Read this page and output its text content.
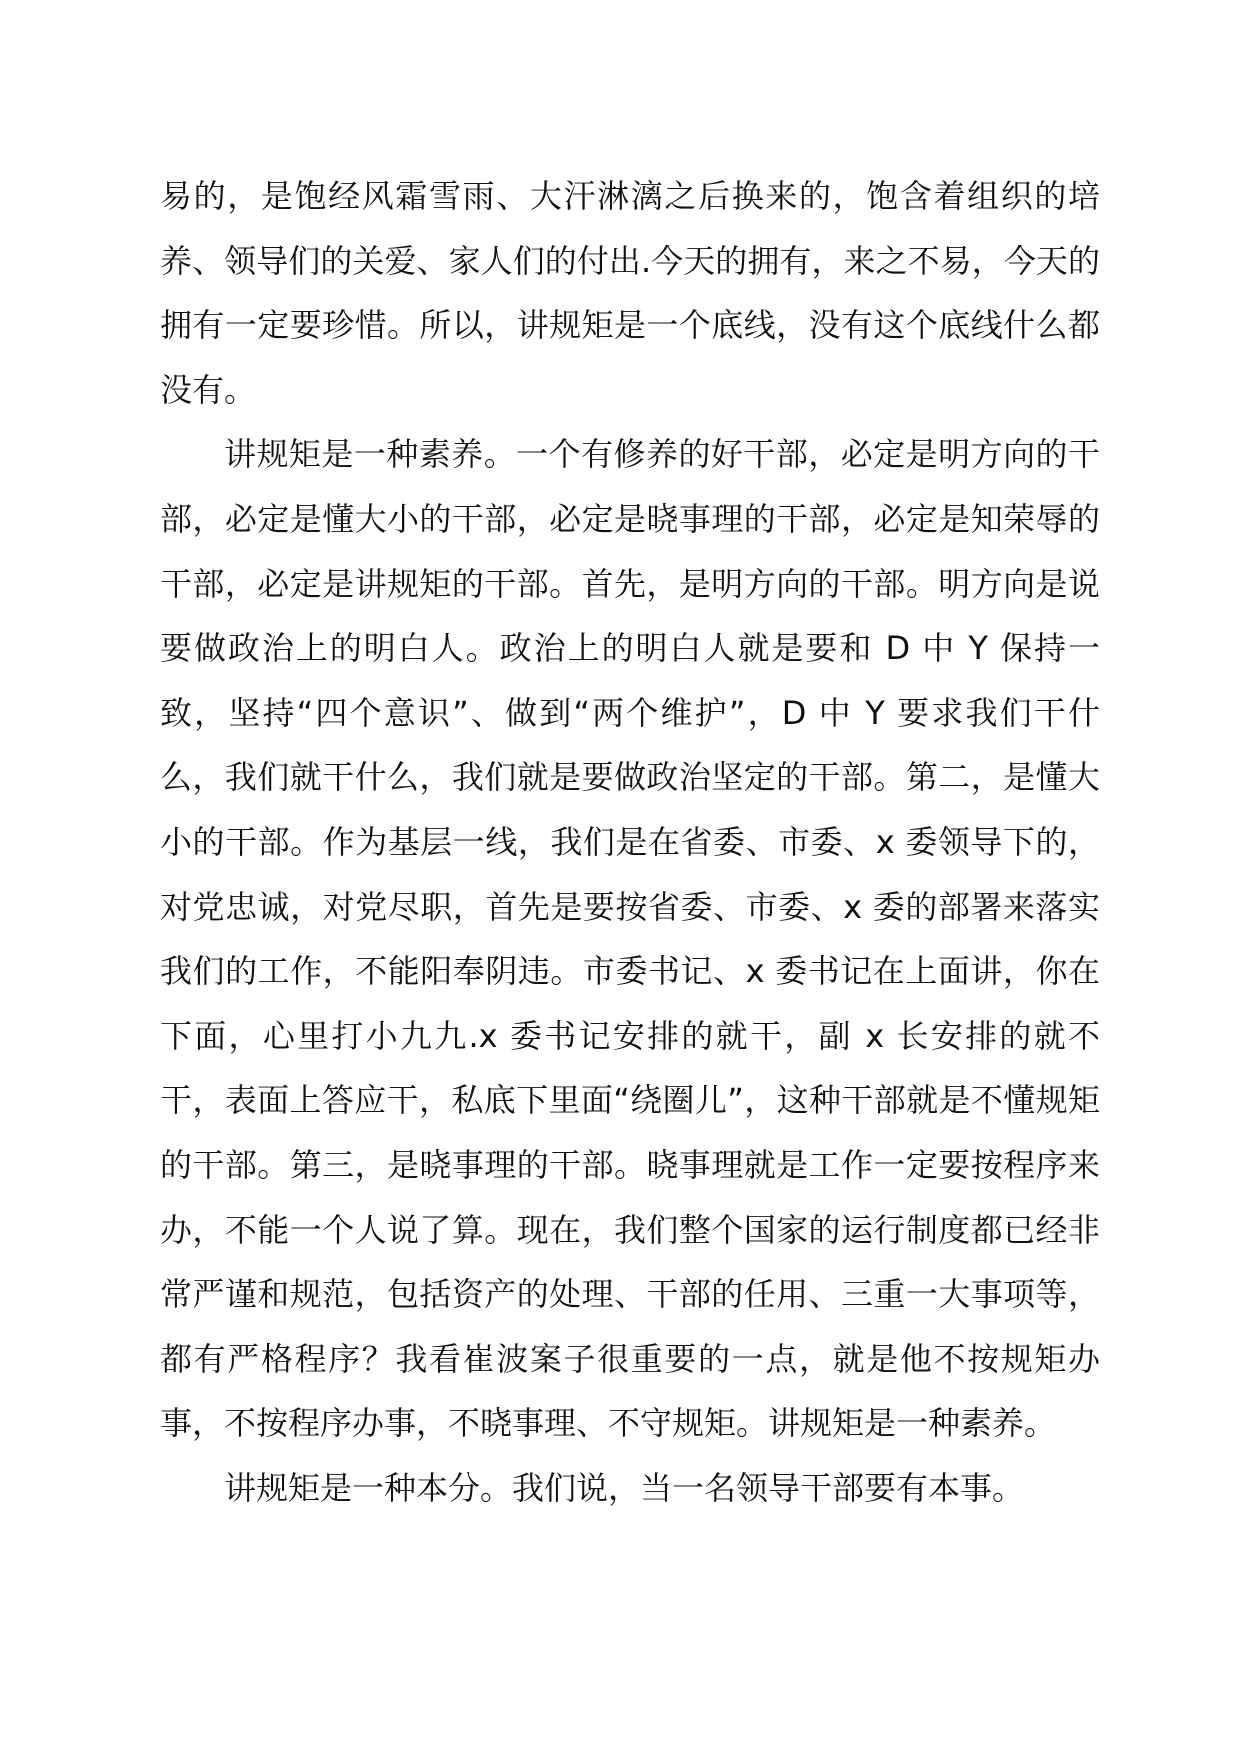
易的，是饱经风霜雪雨、大汗淋漓之后换来的，饱含着组织的培养、领导们的关爱、家人们的付出.今天的拥有，来之不易，今天的拥有一定要珍惜。所以，讲规矩是一个底线，没有这个底线什么都没有。

讲规矩是一种素养。一个有修养的好干部，必定是明方向的干部，必定是懂大小的干部，必定是晓事理的干部，必定是知荣辱的干部，必定是讲规矩的干部。首先，是明方向的干部。明方向是说要做政治上的明白人。政治上的明白人就是要和 D 中 Y 保持一致，坚持“四个意识”、做到“两个维护”，D 中 Y 要求我们干什么，我们就干什么，我们就是要做政治坚定的干部。第二，是懂大小的干部。作为基层一线，我们是在省委、市委、x 委领导下的，对党忠诚，对党尽职，首先是要按省委、市委、x 委的部署来落实我们的工作，不能阳奉阴违。市委书记、x 委书记在上面讲，你在下面，心里打小九九.x 委书记安排的就干，副 x 长安排的就不干，表面上答应干，私底下里面“绕圈儿”，这种干部就是不懂规矩的干部。第三，是晓事理的干部。晓事理就是工作一定要按程序来办，不能一个人说了算。现在，我们整个国家的运行制度都已经非常严谨和规范，包括资产的处理、干部的任用、三重一大事项等，都有严格程序？我看崔波案子很重要的一点，就是他不按规矩办事，不按程序办事，不晓事理、不守规矩。讲规矩是一种素养。

讲规矩是一种本分。我们说，当一名领导干部要有本事。
